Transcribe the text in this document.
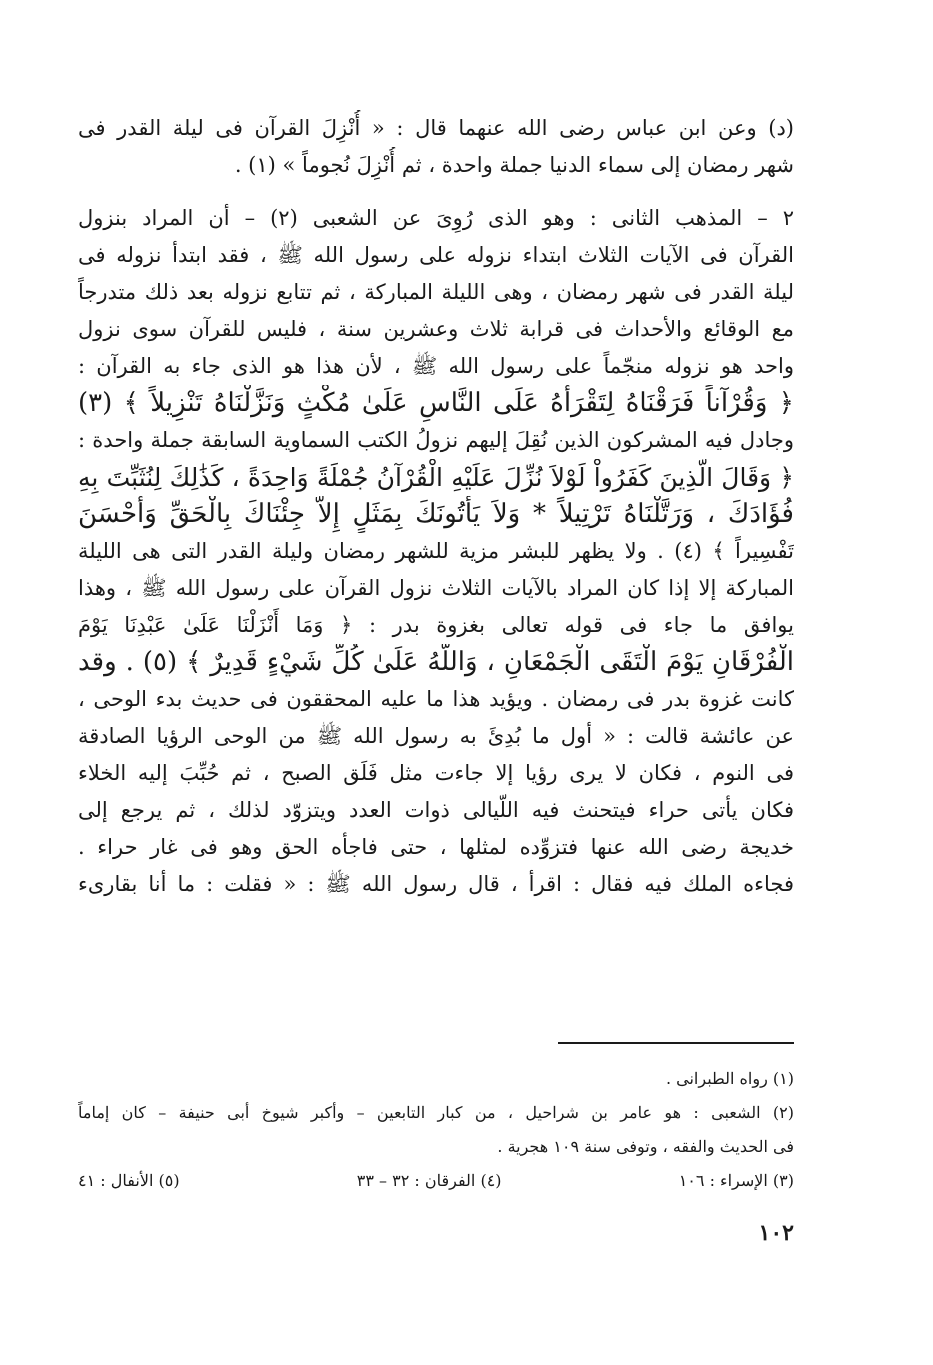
(د) وعن ابن عباس رضى الله عنهما قال : « أُنْزِلَ القرآن فى ليلة القدر فى
شهر رمضان إلى سماء الدنيا جملة واحدة ، ثم أُنْزِلَ نُجوماً » (١) .
٢ – المذهب الثانى : وهو الذى رُوِىَ عن الشعبى (٢) – أن المراد بنزول
القرآن فى الآيات الثلاث ابتداء نزوله على رسول الله ﷺ ، فقد ابتدأ نزوله فى
ليلة القدر فى شهر رمضان ، وهى الليلة المباركة ، ثم تتابع نزوله بعد ذلك متدرجاً
مع الوقائع والأحداث فى قرابة ثلاث وعشرين سنة ، فليس للقرآن سوى نزول
واحد هو نزوله منجّماً على رسول الله ﷺ ، لأن هذا هو الذى جاء به القرآن :
﴿ وَقُرْآناً فَرَقْنَاهُ لِتَقْرَأَهُ عَلَى النَّاسِ عَلَىٰ مُكْثٍ وَنَزَّلْنَاهُ تَنْزِيلاً ﴾ (٣)
وجادل فيه المشركون الذين نُقِلَ إليهم نزولُ الكتب السماوية السابقة جملة واحدة :
﴿ وَقَالَ الَّذِينَ كَفَرُواْ لَوْلاَ نُزِّلَ عَلَيْهِ الْقُرْآنُ جُمْلَةً وَاحِدَةً ، كَذَٰلِكَ لِنُثَبِّتَ بِهِ
فُؤَادَكَ ، وَرَتَّلْنَاهُ تَرْتِيلاً * وَلاَ يَأْتُونَكَ بِمَثَلٍ إِلاَّ جِئْنَاكَ بِالْحَقِّ وَأَحْسَنَ
تَفْسِيراً ﴾ (٤) . ولا يظهر للبشر مزية للشهر رمضان وليلة القدر التى هى الليلة
المباركة إلا إذا كان المراد بالآيات الثلاث نزول القرآن على رسول الله ﷺ ، وهذا
يوافق ما جاء فى قوله تعالى بغزوة بدر : ﴿ وَمَا أَنْزَلْنَا عَلَىٰ عَبْدِنَا يَوْمَ
الْفُرْقَانِ يَوْمَ الْتَقَى الْجَمْعَانِ ، وَاللَّهُ عَلَىٰ كُلِّ شَيْءٍ قَدِيرٌ ﴾ (٥) . وقد
كانت غزوة بدر فى رمضان . ويؤيد هذا ما عليه المحققون فى حديث بدء الوحى ،
عن عائشة قالت : « أول ما بُدِئَ به رسول الله ﷺ من الوحى الرؤيا الصادقة
فى النوم ، فكان لا يرى رؤيا إلا جاءت مثل فَلَق الصبح ، ثم حُبِّبَ إليه الخلاء
فكان يأتى حراء فيتحنث فيه اللّيالى ذوات العدد ويتزوّد لذلك ، ثم يرجع إلى
خديجة رضى الله عنها فتزوِّده لمثلها ، حتى فاجأه الحق وهو فى غار حراء .
فجاءه الملك فيه فقال : اقرأ ، قال رسول الله ﷺ : « فقلت : ما أنا بقارىء
(١) رواه الطبرانى .
(٢) الشعبى : هو عامر بن شراحيل ، من كبار التابعين – وأكبر شيوخ أبى حنيفة – كان إماماً
فى الحديث والفقه ، وتوفى سنة ١٠٩ هجرية .
(٣) الإسراء : ١٠٦
(٤) الفرقان : ٣٢ – ٣٣
(٥) الأنفال : ٤١
١٠٢
